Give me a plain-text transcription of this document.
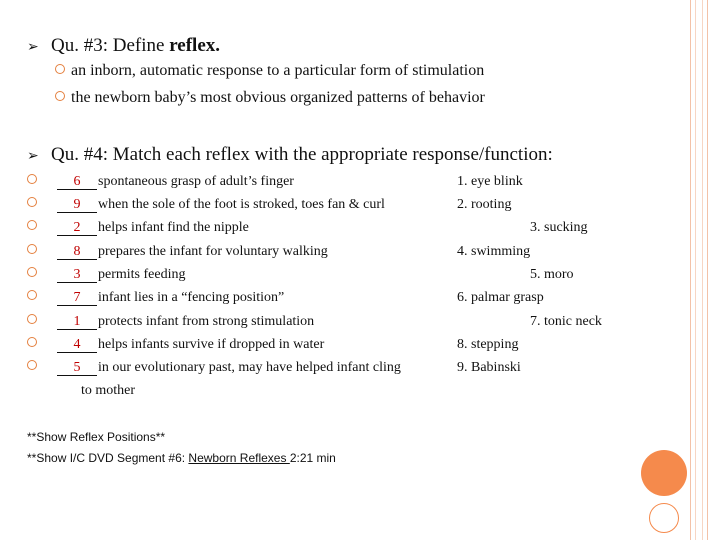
➢ Qu. #3: Define reflex.
an inborn, automatic response to a particular form of stimulation
the newborn baby’s most obvious organized patterns of behavior
➢ Qu. #4: Match each reflex with the appropriate response/function:
6 spontaneous grasp of adult’s finger
9 when the sole of the foot is stroked, toes fan & curl
2 helps infant find the nipple
8 prepares the infant for voluntary walking
3 permits feeding
7 infant lies in a “fencing position”
1 protects infant from strong stimulation
4 helps infants survive if dropped in water
5 in our evolutionary past, may have helped infant cling
to mother
1. eye blink
2. rooting
3. sucking
4. swimming
5. moro
6. palmar grasp
7. tonic neck
8. stepping
9. Babinski
**Show Reflex Positions**
**Show I/C DVD Segment #6: Newborn Reflexes 2:21 min
